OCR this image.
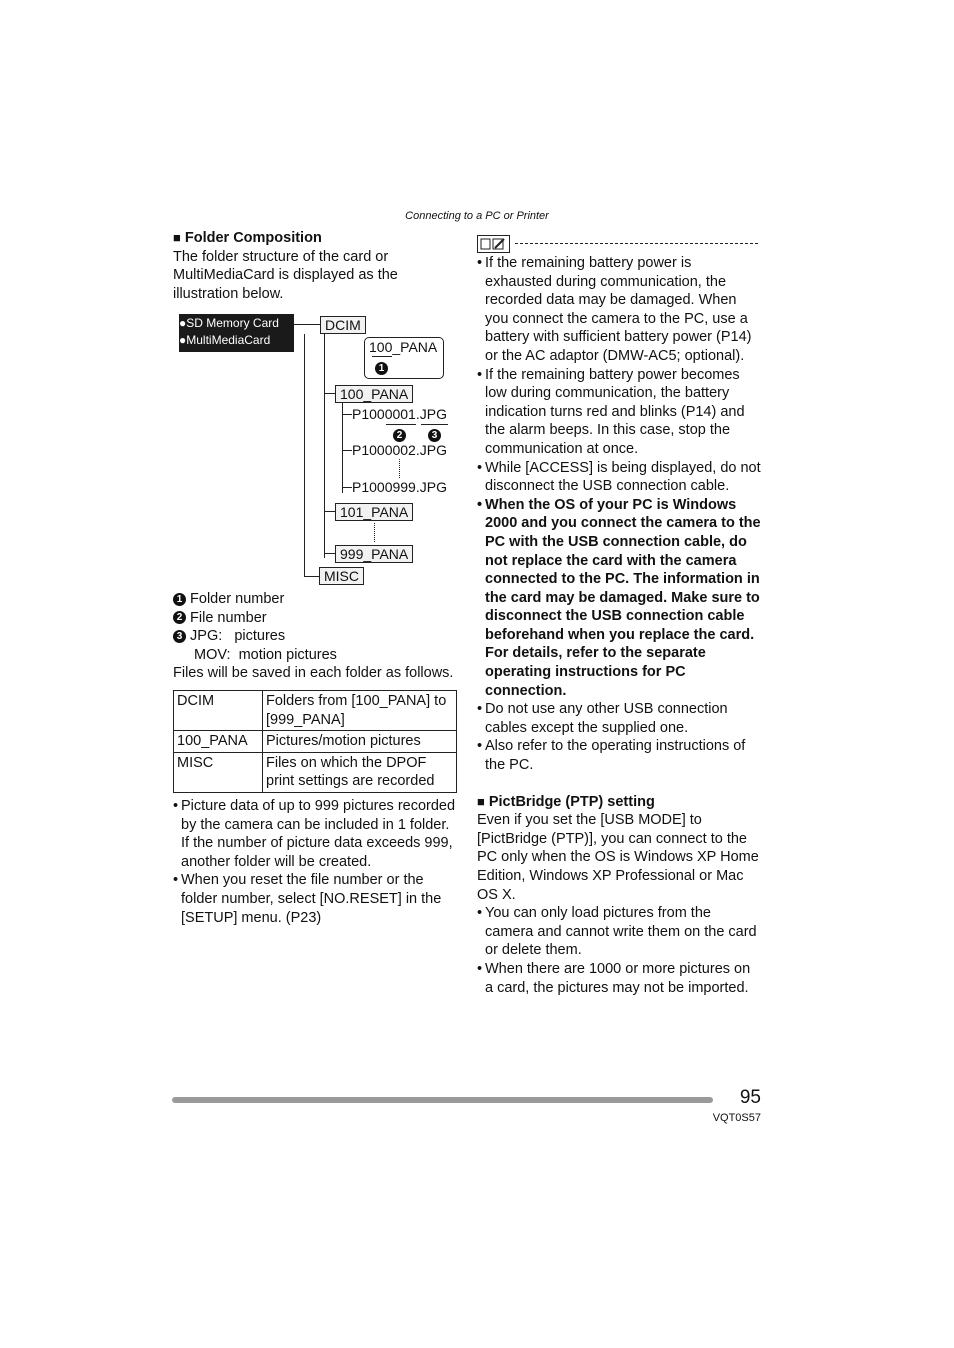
Connecting to a PC or Printer
■ Folder Composition
The folder structure of the card or MultiMediaCard is displayed as the illustration below.
●SD Memory Card
●MultiMediaCard
DCIM
MISC
100_PANA
1
100_PANA
P1000001.JPG
2	3
P1000002.JPG
P1000999.JPG
101_PANA
999_PANA
1 Folder number
2 File number
3 JPG:   pictures
MOV:  motion pictures
Files will be saved in each folder as follows.
DCIM	Folders from [100_PANA] to [999_PANA]
100_PANA	Pictures/motion pictures
MISC	Files on which the DPOF print settings are recorded
• Picture data of up to 999 pictures recorded by the camera can be included in 1 folder. If the number of picture data exceeds 999, another folder will be created.
• When you reset the file number or the folder number, select [NO.RESET] in the [SETUP] menu. (P23)
• If the remaining battery power is exhausted during communication, the recorded data may be damaged. When you connect the camera to the PC, use a battery with sufficient battery power (P14) or the AC adaptor (DMW-AC5; optional).
• If the remaining battery power becomes low during communication, the battery indication turns red and blinks (P14) and the alarm beeps. In this case, stop the communication at once.
• While [ACCESS] is being displayed, do not disconnect the USB connection cable.
• When the OS of your PC is Windows 2000 and you connect the camera to the PC with the USB connection cable, do not replace the card with the camera connected to the PC. The information in the card may be damaged. Make sure to disconnect the USB connection cable beforehand when you replace the card. For details, refer to the separate operating instructions for PC connection.
• Do not use any other USB connection cables except the supplied one.
• Also refer to the operating instructions of the PC.
■ PictBridge (PTP) setting
Even if you set the [USB MODE] to [PictBridge (PTP)], you can connect to the PC only when the OS is Windows XP Home Edition, Windows XP Professional or Mac OS X.
• You can only load pictures from the camera and cannot write them on the card or delete them.
• When there are 1000 or more pictures on a card, the pictures may not be imported.
95
VQT0S57
